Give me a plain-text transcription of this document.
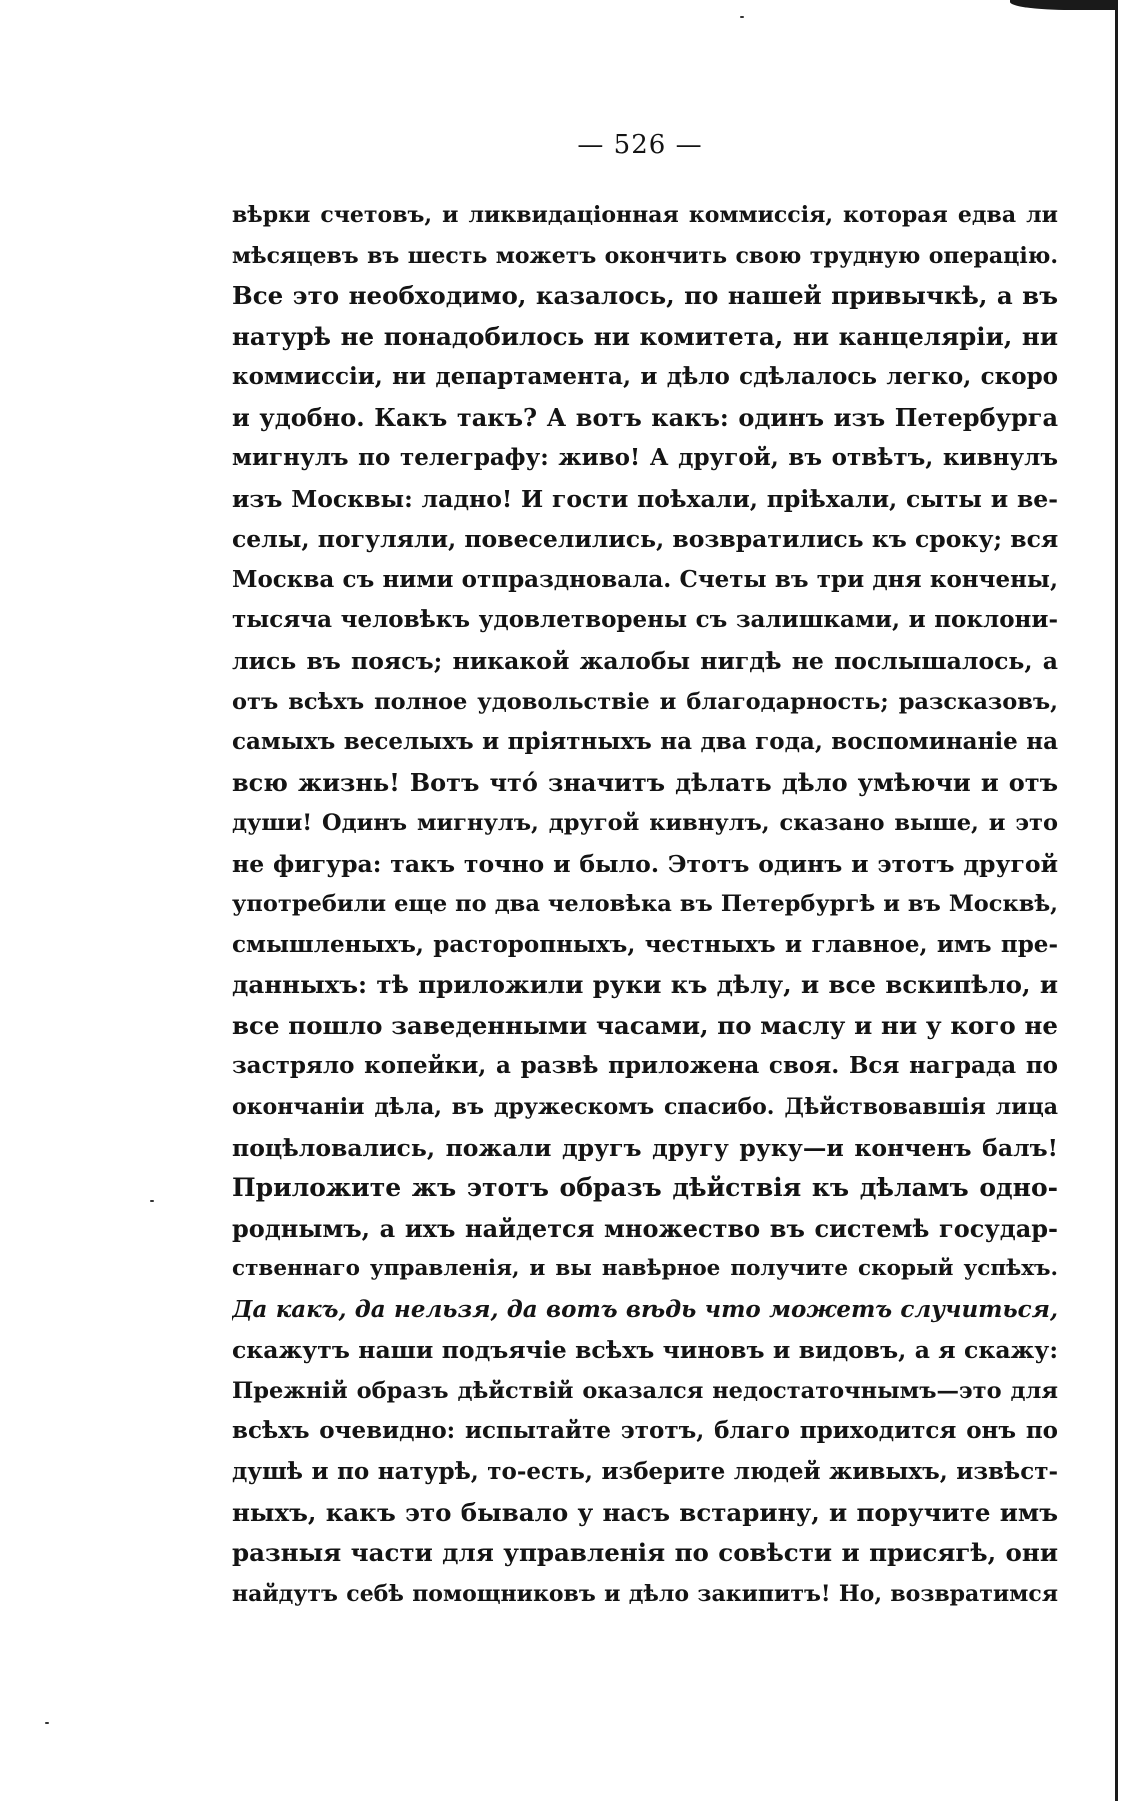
— 526 —
вѣрки счетовъ, и ликвидаціонная коммиссія, которая едва ли
мѣсяцевъ въ шесть можетъ окончить свою трудную операцію.
Все это необходимо, казалось, по нашей привычкѣ, а въ
натурѣ не понадобилось ни комитета, ни канцеляріи, ни
коммиссіи, ни департамента, и дѣло сдѣлалось легко, скоро
и удобно. Какъ такъ? А вотъ какъ: одинъ изъ Петербурга
мигнулъ по телеграфу: живо! А другой, въ отвѣтъ, кивнулъ
изъ Москвы: ладно! И гости поѣхали, пріѣхали, сыты и ве-
селы, погуляли, повеселились, возвратились къ сроку; вся
Москва съ ними отпраздновала. Счеты въ три дня кончены,
тысяча человѣкъ удовлетворены съ залишками, и поклони-
лись въ поясъ; никакой жалобы нигдѣ не послышалось, а
отъ всѣхъ полное удовольствіе и благодарность; разсказовъ,
самыхъ веселыхъ и пріятныхъ на два года, воспоминаніе на
всю жизнь! Вотъ что́ значитъ дѣлать дѣло умѣючи и отъ
души! Одинъ мигнулъ, другой кивнулъ, сказано выше, и это
не фигура: такъ точно и было. Этотъ одинъ и этотъ другой
употребили еще по два человѣка въ Петербургѣ и въ Москвѣ,
смышленыхъ, расторопныхъ, честныхъ и главное, имъ пре-
данныхъ: тѣ приложили руки къ дѣлу, и все вскипѣло, и
все пошло заведенными часами, по маслу и ни у кого не
застряло копейки, а развѣ приложена своя. Вся награда по
окончаніи дѣла, въ дружескомъ спасибо. Дѣйствовавшія лица
поцѣловались, пожали другъ другу руку—и конченъ балъ!
Приложите жъ этотъ образъ дѣйствія къ дѣламъ одно-
роднымъ, а ихъ найдется множество въ системѣ государ-
ственнаго управленія, и вы навѣрное получите скорый успѣхъ.
Да какъ, да нельзя, да вотъ вѣдь что можетъ случиться,
скажутъ наши подъячіе всѣхъ чиновъ и видовъ, а я скажу:
Прежній образъ дѣйствій оказался недостаточнымъ—это для
всѣхъ очевидно: испытайте этотъ, благо приходится онъ по
душѣ и по натурѣ, то-есть, изберите людей живыхъ, извѣст-
ныхъ, какъ это бывало у насъ встарину, и поручите имъ
разныя части для управленія по совѣсти и присягѣ, они
найдутъ себѣ помощниковъ и дѣло закипитъ! Но, возвратимся
